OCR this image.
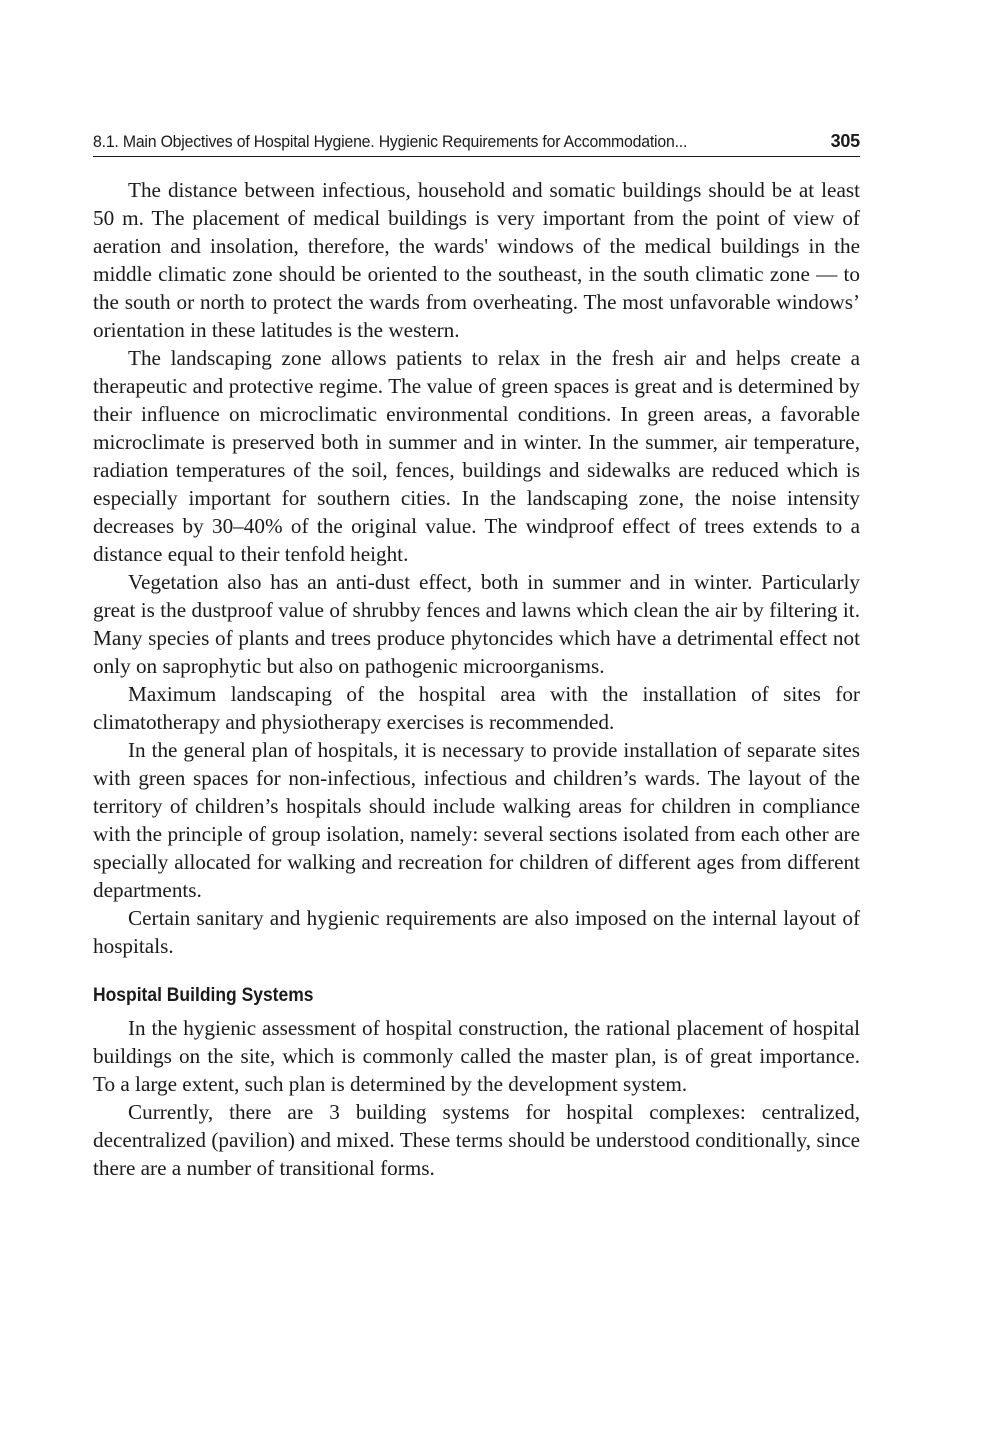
8.1. Main Objectives of Hospital Hygiene. Hygienic Requirements for Accommodation...	305

The distance between infectious, household and somatic buildings should be at least 50 m. The placement of medical buildings is very important from the point of view of aeration and insolation, therefore, the wards' windows of the medical buildings in the middle climatic zone should be oriented to the southeast, in the south climatic zone — to the south or north to protect the wards from overheating. The most unfavorable windows’ orientation in these latitudes is the western.

The landscaping zone allows patients to relax in the fresh air and helps create a therapeutic and protective regime. The value of green spaces is great and is determined by their influence on microclimatic environmental conditions. In green areas, a favorable microclimate is preserved both in summer and in winter. In the summer, air temperature, radiation temperatures of the soil, fences, buildings and sidewalks are reduced which is especially important for southern cities. In the landscaping zone, the noise intensity decreases by 30–40% of the original value. The windproof effect of trees extends to a distance equal to their tenfold height.

Vegetation also has an anti-dust effect, both in summer and in winter. Particularly great is the dustproof value of shrubby fences and lawns which clean the air by filtering it. Many species of plants and trees produce phytoncides which have a detrimental effect not only on saprophytic but also on pathogenic microorganisms.

Maximum landscaping of the hospital area with the installation of sites for climatotherapy and physiotherapy exercises is recommended.

In the general plan of hospitals, it is necessary to provide installation of separate sites with green spaces for non-infectious, infectious and children’s wards. The layout of the territory of children’s hospitals should include walking areas for children in compliance with the principle of group isolation, namely: several sections isolated from each other are specially allocated for walking and recreation for children of different ages from different departments.

Certain sanitary and hygienic requirements are also imposed on the internal layout of hospitals.

Hospital Building Systems

In the hygienic assessment of hospital construction, the rational placement of hospital buildings on the site, which is commonly called the master plan, is of great importance. To a large extent, such plan is determined by the development system.

Currently, there are 3 building systems for hospital complexes: centralized, decentralized (pavilion) and mixed. These terms should be understood conditionally, since there are a number of transitional forms.
